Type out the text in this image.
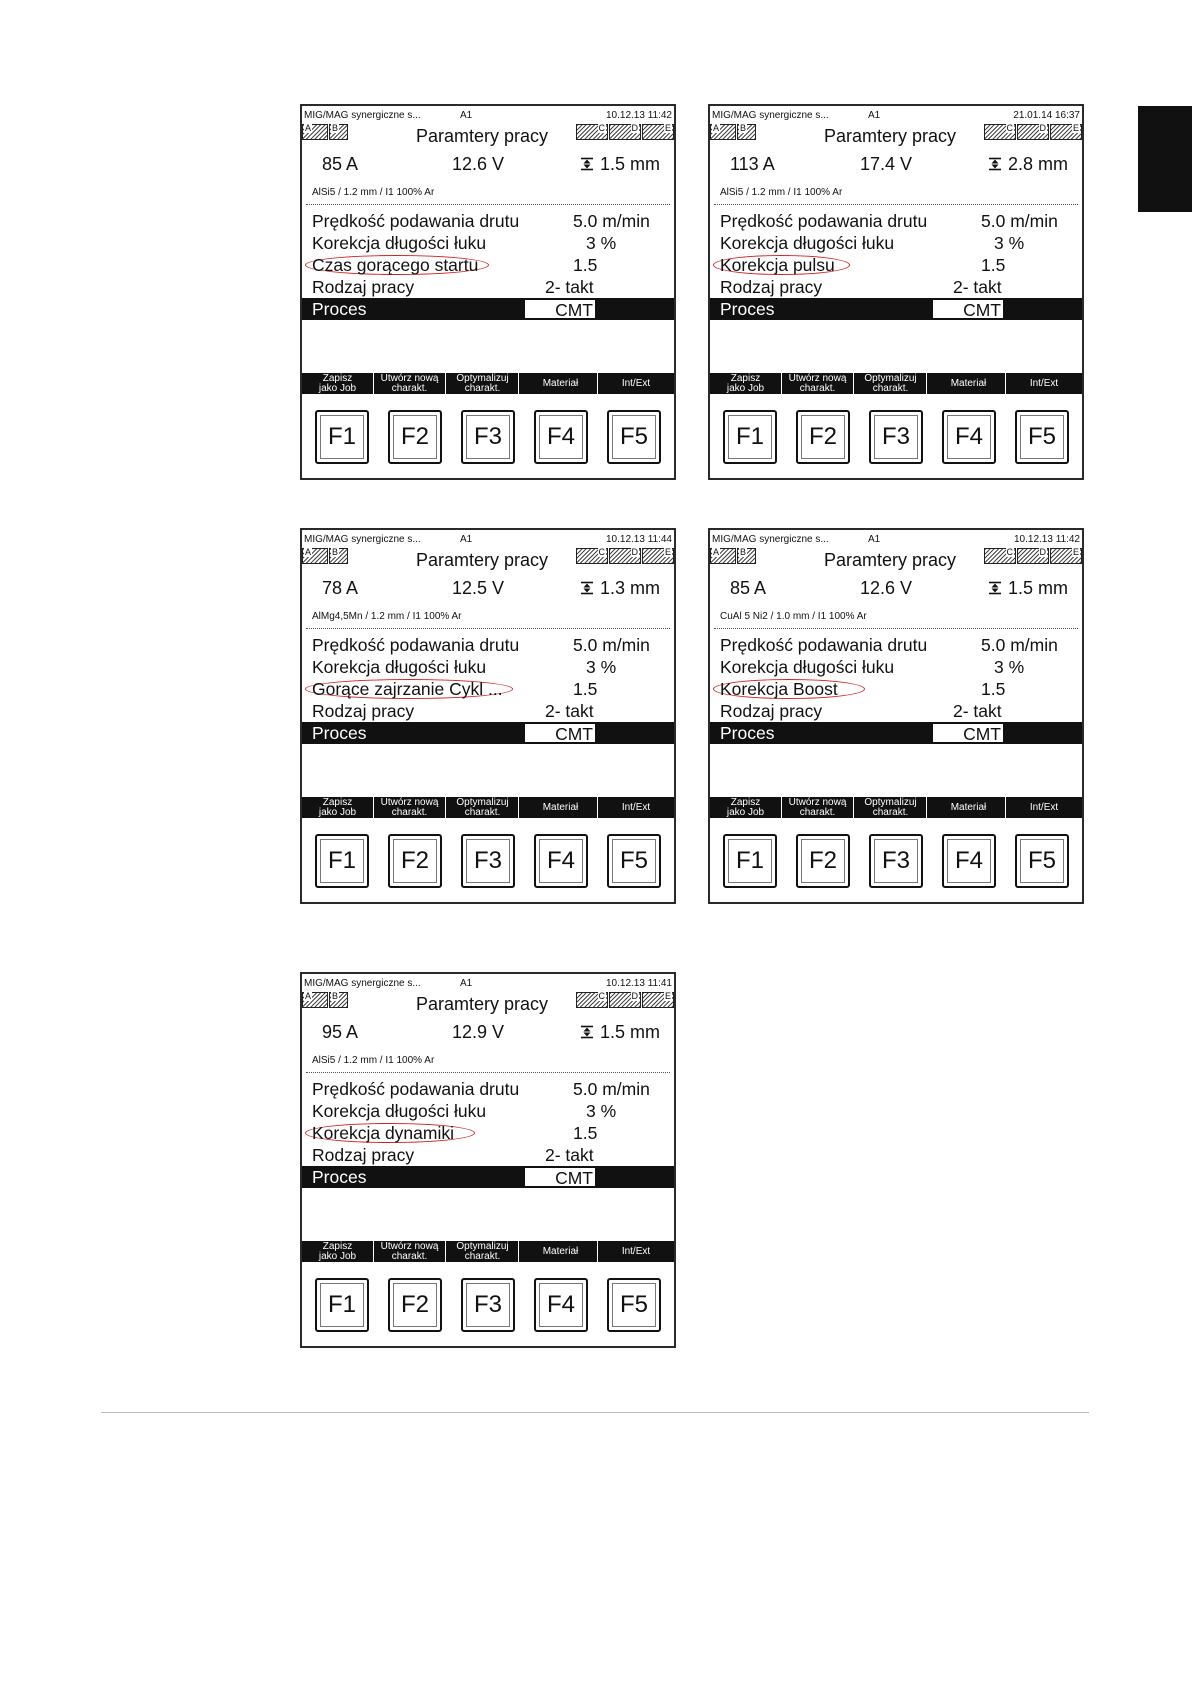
MIG/MAG synergiczne s...	A1	10.12.13 11:42
A B	C	D	E
Paramtery pracy
85 A	12.6 V	1.5 mm
AlSi5 / 1.2 mm / I1 100% Ar
Prędkość podawania drutu	5.0 m/min
Korekcja długości łuku	3 %
Czas gorącego startu	1.5
Rodzaj pracy	2- takt
Proces	CMT
Zapisz
jako Job
Utwórz nową
charakt.
Optymalizuj
charakt.	Materiał	Int/Ext
F1	F2	F3	F4	F5
MIG/MAG synergiczne s...	A1	21.01.14 16:37
A B	C	D	E
Paramtery pracy
113 A	17.4 V	2.8 mm
AlSi5 / 1.2 mm / I1 100% Ar
Prędkość podawania drutu	5.0 m/min
Korekcja długości łuku	3 %
Korekcja pulsu	1.5
Rodzaj pracy	2- takt
Proces	CMT
Zapisz
jako Job
Utwórz nową
charakt.
Optymalizuj
charakt.	Materiał	Int/Ext
F1	F2	F3	F4	F5
MIG/MAG synergiczne s...	A1	10.12.13 11:44
A B	C	D	E
Paramtery pracy
78 A	12.5 V	1.3 mm
AlMg4,5Mn / 1.2 mm / I1 100% Ar
Prędkość podawania drutu	5.0 m/min
Korekcja długości łuku	3 %
Gorące zajrzanie Cykl ...	1.5
Rodzaj pracy	2- takt
Proces	CMT
Zapisz
jako Job
Utwórz nową
charakt.
Optymalizuj
charakt.	Materiał	Int/Ext
F1	F2	F3	F4	F5
MIG/MAG synergiczne s...	A1	10.12.13 11:42
A B	C	D	E
Paramtery pracy
85 A	12.6 V	1.5 mm
CuAl 5 Ni2 / 1.0 mm / I1 100% Ar
Prędkość podawania drutu	5.0 m/min
Korekcja długości łuku	3 %
Korekcja Boost	1.5
Rodzaj pracy	2- takt
Proces	CMT
Zapisz
jako Job
Utwórz nową
charakt.
Optymalizuj
charakt.	Materiał	Int/Ext
F1	F2	F3	F4	F5
MIG/MAG synergiczne s...	A1	10.12.13 11:41
A B	C	D	E
Paramtery pracy
95 A	12.9 V	1.5 mm
AlSi5 / 1.2 mm / I1 100% Ar
Prędkość podawania drutu	5.0 m/min
Korekcja długości łuku	3 %
Korekcja dynamiki	1.5
Rodzaj pracy	2- takt
Proces	CMT
Zapisz
jako Job
Utwórz nową
charakt.
Optymalizuj
charakt.	Materiał	Int/Ext
F1	F2	F3	F4	F5
